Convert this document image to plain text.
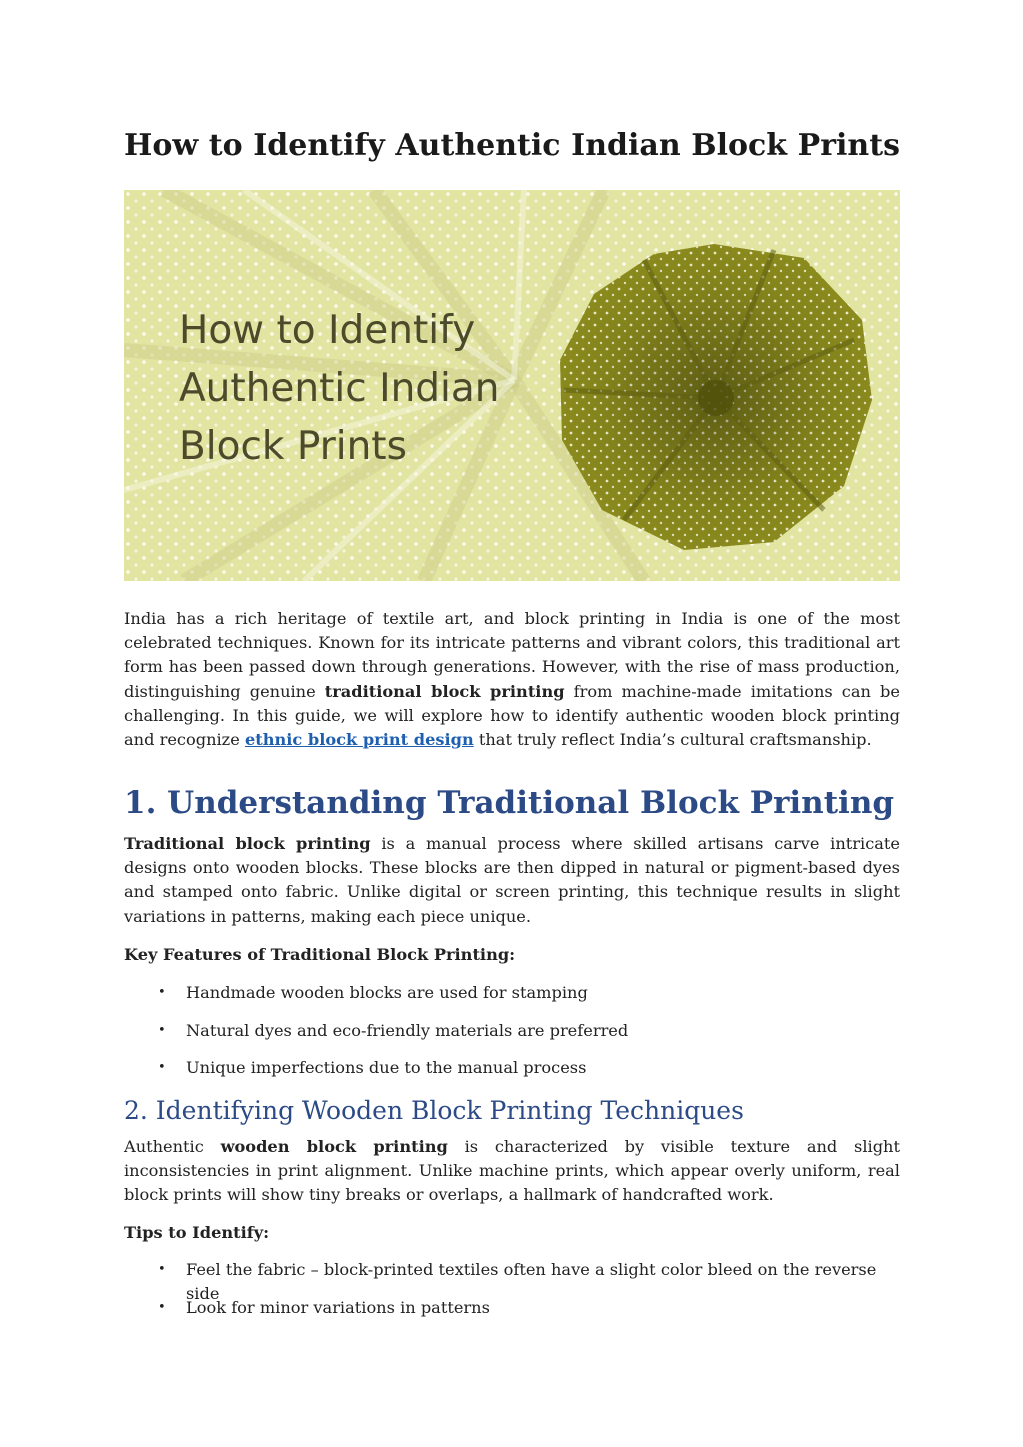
How to Identify Authentic Indian Block Prints
How to Identify
Authentic Indian
Block Prints

India has a rich heritage of textile art, and block printing in India is one of the most celebrated techniques. Known for its intricate patterns and vibrant colors, this traditional art form has been passed down through generations. However, with the rise of mass production, distinguishing genuine traditional block printing from machine-made imitations can be challenging. In this guide, we will explore how to identify authentic wooden block printing and recognize ethnic block print design that truly reflect India’s cultural craftsmanship.

1. Understanding Traditional Block Printing

Traditional block printing is a manual process where skilled artisans carve intricate designs onto wooden blocks. These blocks are then dipped in natural or pigment-based dyes and stamped onto fabric. Unlike digital or screen printing, this technique results in slight variations in patterns, making each piece unique.

Key Features of Traditional Block Printing:

• Handmade wooden blocks are used for stamping
• Natural dyes and eco-friendly materials are preferred
• Unique imperfections due to the manual process
2. Identifying Wooden Block Printing Techniques

Authentic wooden block printing is characterized by visible texture and slight inconsistencies in print alignment. Unlike machine prints, which appear overly uniform, real block prints will show tiny breaks or overlaps, a hallmark of handcrafted work.

Tips to Identify:

• Feel the fabric – block-printed textiles often have a slight color bleed on the reverse side
• Look for minor variations in patterns
